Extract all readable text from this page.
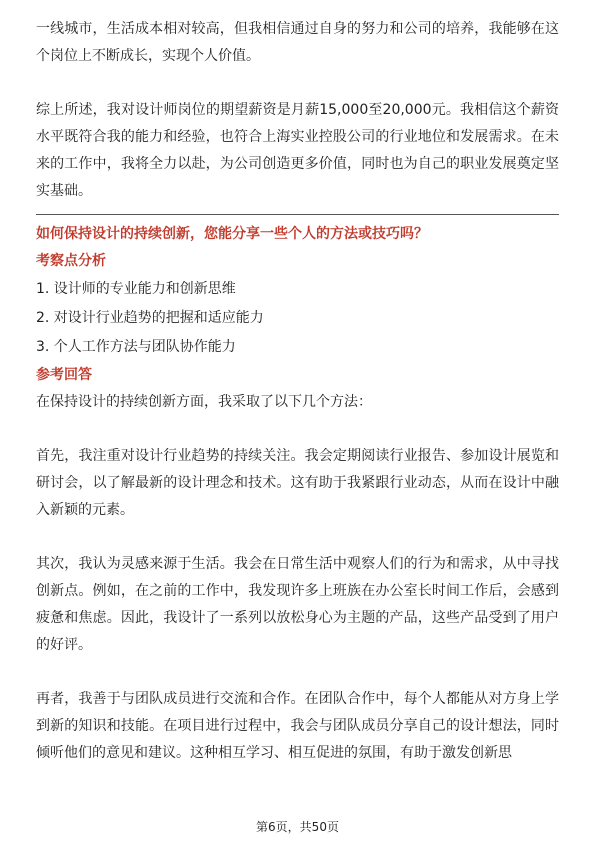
一线城市，生活成本相对较高，但我相信通过自身的努力和公司的培养，我能够在这个岗位上不断成长，实现个人价值。

综上所述，我对设计师岗位的期望薪资是月薪15,000至20,000元。我相信这个薪资水平既符合我的能力和经验，也符合上海实业控股公司的行业地位和发展需求。在未来的工作中，我将全力以赴，为公司创造更多价值，同时也为自己的职业发展奠定坚实基础。

如何保持设计的持续创新，您能分享一些个人的方法或技巧吗？

考察点分析

1. 设计师的专业能力和创新思维
2. 对设计行业趋势的把握和适应能力
3. 个人工作方法与团队协作能力

参考回答

在保持设计的持续创新方面，我采取了以下几个方法：

首先，我注重对设计行业趋势的持续关注。我会定期阅读行业报告、参加设计展览和研讨会，以了解最新的设计理念和技术。这有助于我紧跟行业动态，从而在设计中融入新颖的元素。

其次，我认为灵感来源于生活。我会在日常生活中观察人们的行为和需求，从中寻找创新点。例如，在之前的工作中，我发现许多上班族在办公室长时间工作后，会感到疲惫和焦虑。因此，我设计了一系列以放松身心为主题的产品，这些产品受到了用户的好评。

再者，我善于与团队成员进行交流和合作。在团队合作中，每个人都能从对方身上学到新的知识和技能。在项目进行过程中，我会与团队成员分享自己的设计想法，同时倾听他们的意见和建议。这种相互学习、相互促进的氛围，有助于激发创新思

第6页，共50页
